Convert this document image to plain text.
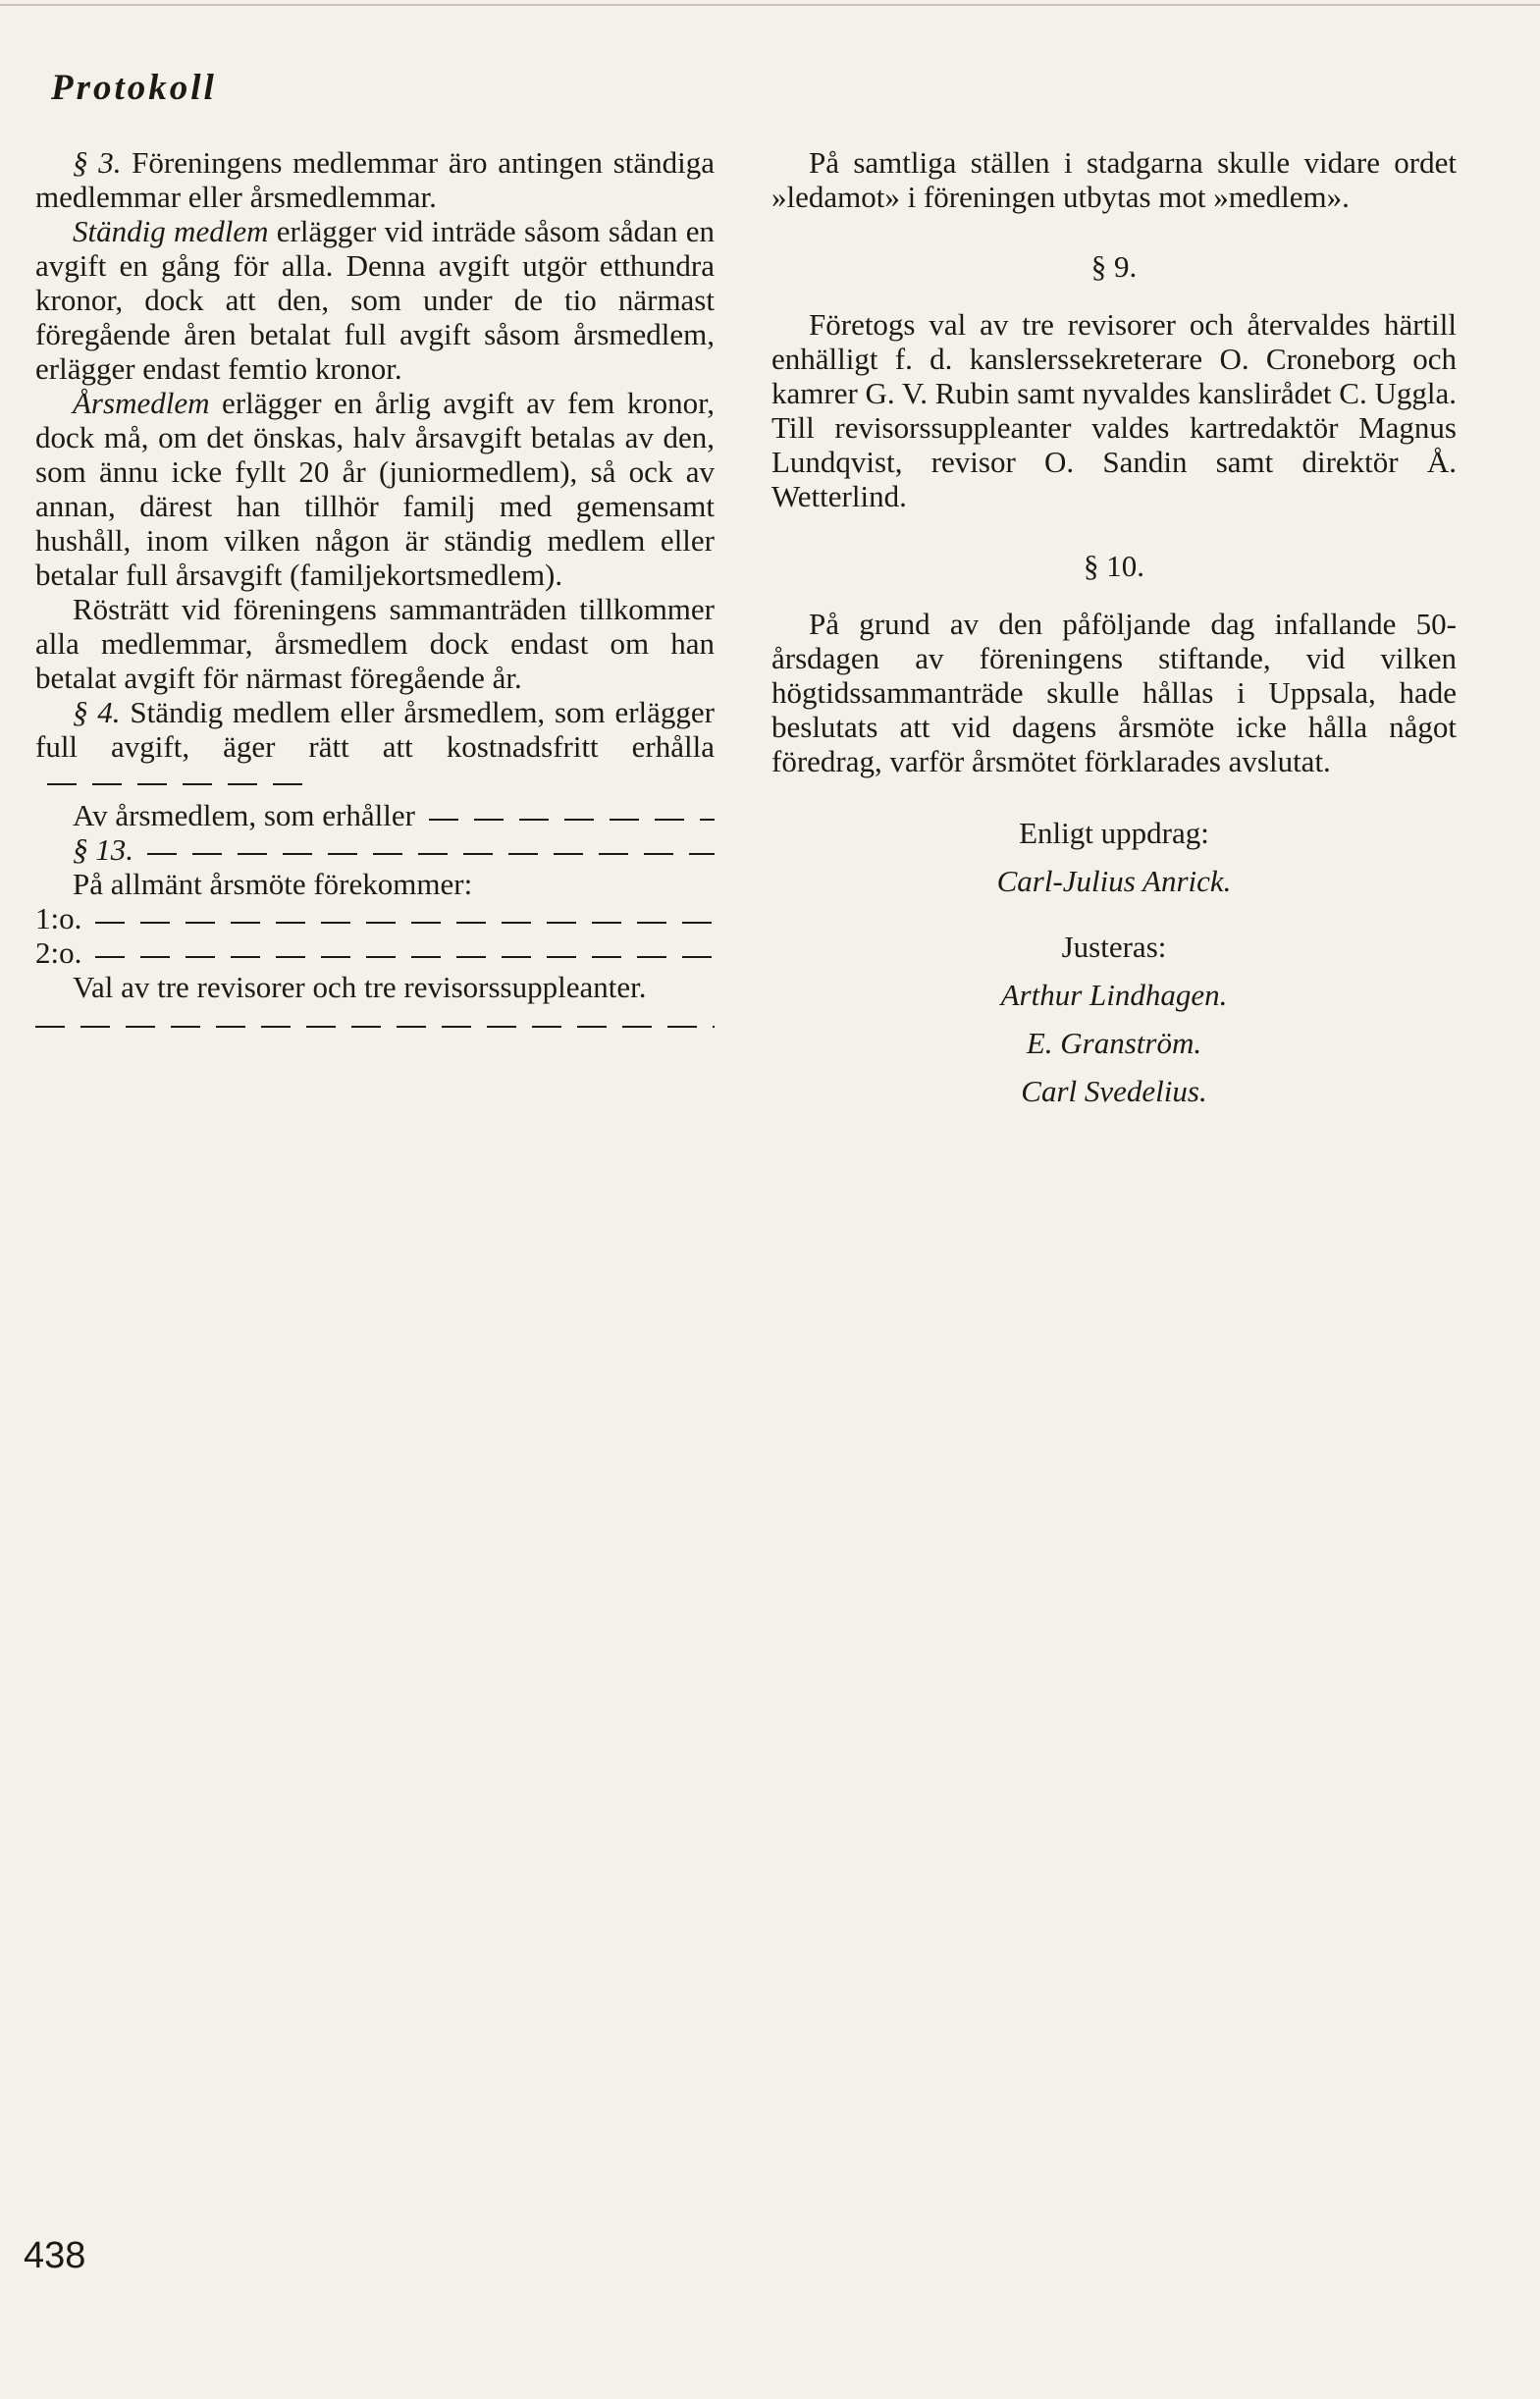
Protokoll

§ 3. Föreningens medlemmar äro antingen ständiga medlemmar eller årsmedlemmar.

Ständig medlem erlägger vid inträde såsom sådan en avgift en gång för alla. Denna avgift utgör etthundra kronor, dock att den, som under de tio närmast föregående åren betalat full avgift såsom årsmedlem, erlägger endast femtio kronor.

Årsmedlem erlägger en årlig avgift av fem kronor, dock må, om det önskas, halv årsavgift betalas av den, som ännu icke fyllt 20 år (juniormedlem), så ock av annan, därest han tillhör familj med gemensamt hushåll, inom vilken någon är ständig medlem eller betalar full årsavgift (familjekortsmedlem).

Rösträtt vid föreningens sammanträden tillkommer alla medlemmar, årsmedlem dock endast om han betalat avgift för närmast föregående år.

§ 4. Ständig medlem eller årsmedlem, som erlägger full avgift, äger rätt att kostnadsfritt erhålla

Av årsmedlem, som erhåller
§ 13.

På allmänt årsmöte förekommer:

1:o.
2:o.

Val av tre revisorer och tre revisorssuppleanter.

På samtliga ställen i stadgarna skulle vidare ordet »ledamot» i föreningen utbytas mot »medlem».

§ 9.

Företogs val av tre revisorer och återvaldes härtill enhälligt f. d. kanslerssekreterare O. Croneborg och kamrer G. V. Rubin samt nyvaldes kanslirådet C. Uggla. Till revisorssuppleanter valdes kartredaktör Magnus Lundqvist, revisor O. Sandin samt direktör Å. Wetterlind.

§ 10.

På grund av den påföljande dag infallande 50-årsdagen av föreningens stiftande, vid vilken högtidssammanträde skulle hållas i Uppsala, hade beslutats att vid dagens årsmöte icke hålla något föredrag, varför årsmötet förklarades avslutat.

Enligt uppdrag:

Carl-Julius Anrick.

Justeras:

Arthur Lindhagen.

E. Granström.

Carl Svedelius.

438
